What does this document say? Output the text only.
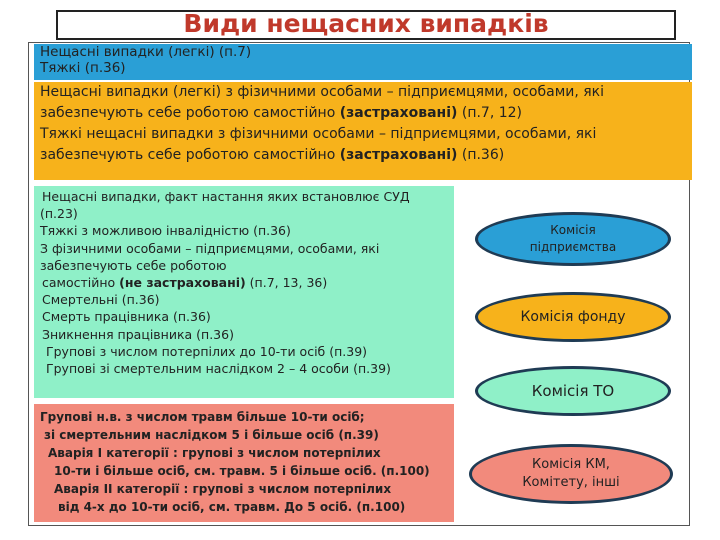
Види нещасних випадків
Нещасні випадки (легкі) (п.7)
Тяжкі (п.36)
Нещасні випадки (легкі) з фізичними особами – підприємцями, особами, які
забезпечують себе роботою самостійно (застраховані) (п.7, 12)
Тяжкі нещасні випадки з фізичними особами – підприємцями, особами, які
забезпечують себе роботою самостійно (застраховані) (п.36)
Нещасні випадки, факт настання яких встановлює СУД
(п.23)
Тяжкі з можливою інвалідністю (п.36)
З фізичними особами – підприємцями, особами, які
забезпечують себе роботою
самостійно (не застраховані) (п.7, 13, 36)
Смертельні (п.36)
Смерть працівника (п.36)
Зникнення працівника (п.36)
Групові з числом потерпілих до 10-ти осіб (п.39)
Групові зі смертельним наслідком 2 – 4 особи (п.39)
Групові н.в. з числом травм більше 10-ти осіб;
зі смертельним наслідком 5 і більше осіб (п.39)
Аварія І категорії : групові з числом потерпілих
10-ти і більше осіб, см. травм. 5 і більше осіб. (п.100)
Аварія ІІ категорії : групові з числом потерпілих
від 4-х до 10-ти осіб, см. травм. До 5 осіб. (п.100)
Комісія
підприємства
Комісія фонду
Комісія ТО
Комісія КМ,
Комітету, інші
